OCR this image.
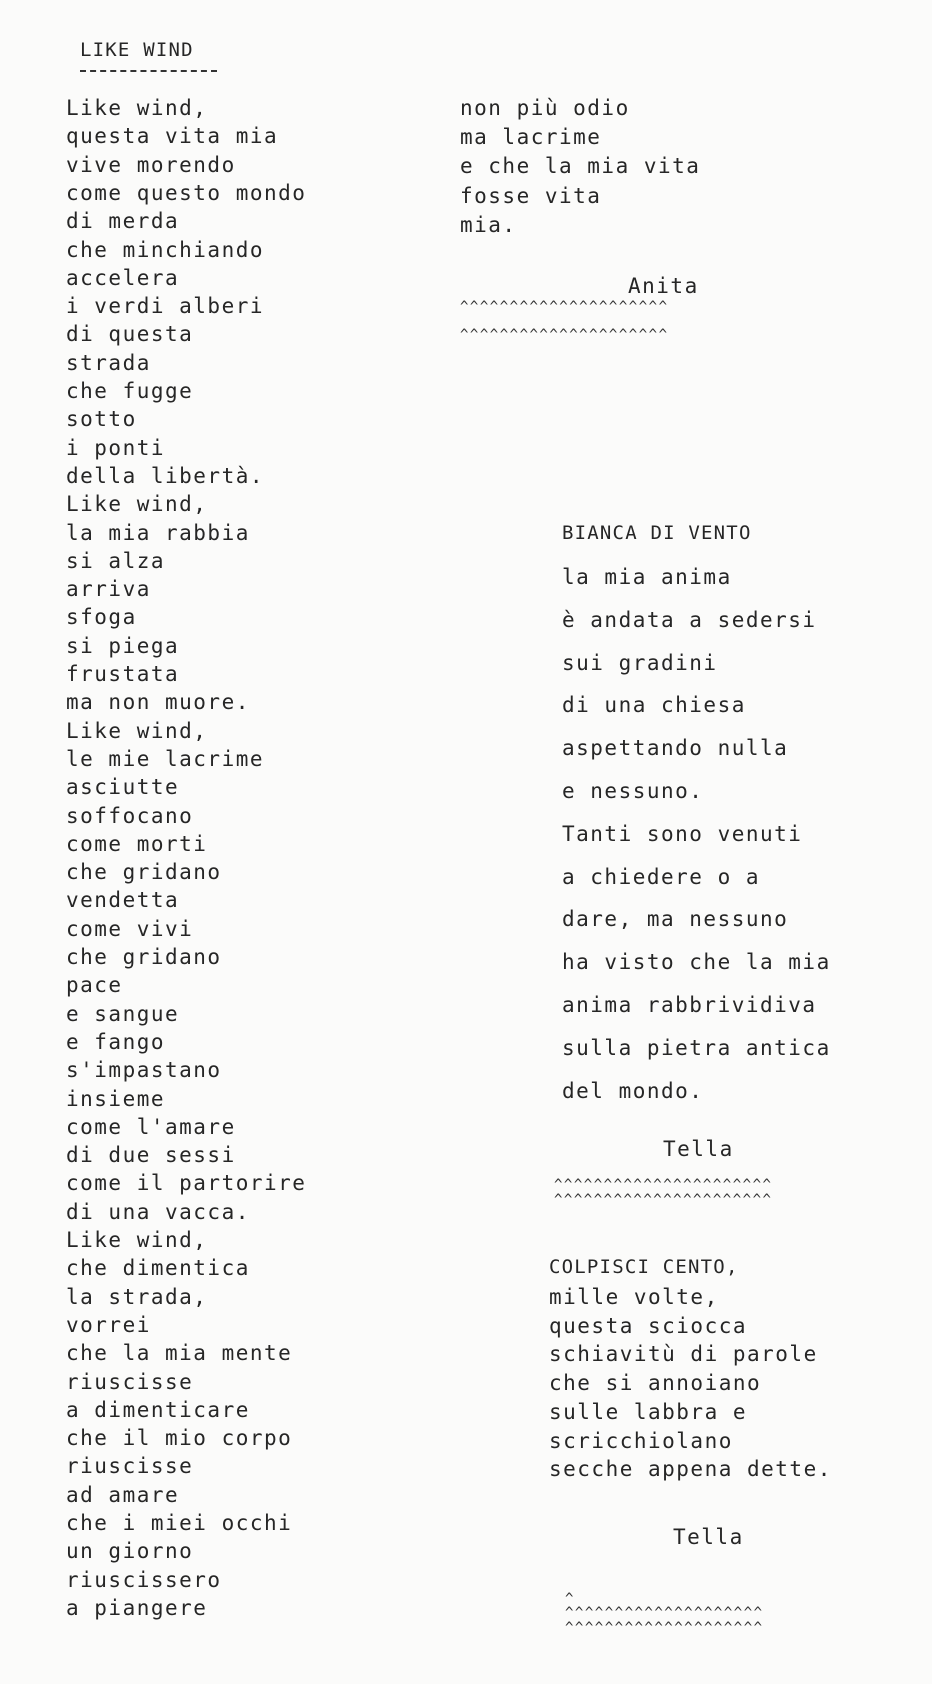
LIKE WIND
Like wind,
questa vita mia
vive morendo
come questo mondo
di merda
che minchiando
accelera
i verdi alberi
di questa
strada
che fugge
sotto
i ponti
della libertà.
Like wind,
la mia rabbia
si alza
arriva
sfoga
si piega
frustata
ma non muore.
Like wind,
le mie lacrime
asciutte
soffocano
come morti
che gridano
vendetta
come vivi
che gridano
pace
e sangue
e fango
s'impastano
insieme
come l'amare
di due sessi
come il partorire
di una vacca.
Like wind,
che dimentica
la strada,
vorrei
che la mia mente
riuscisse
a dimenticare
che il mio corpo
riuscisse
ad amare
che i miei occhi
un giorno
riuscissero
a piangere
non più odio
ma lacrime
e che la mia vita
fosse vita
mia.
Anita
^^^^^^^^^^^^^^^^^^^^^
^^^^^^^^^^^^^^^^^^^^^
BIANCA DI VENTO
la mia anima
è andata a sedersi
sui gradini
di una chiesa
aspettando nulla
e nessuno.
Tanti sono venuti
a chiedere o a
dare, ma nessuno
ha visto che la mia
anima rabbrividiva
sulla pietra antica
del mondo.
Tella
^^^^^^^^^^^^^^^^^^^^^^
^^^^^^^^^^^^^^^^^^^^^^
COLPISCI CENTO,
mille volte,
questa sciocca
schiavitù di parole
che si annoiano
sulle labbra e
scricchiolano
secche appena dette.
Tella
^
^^^^^^^^^^^^^^^^^^^^
^^^^^^^^^^^^^^^^^^^^
